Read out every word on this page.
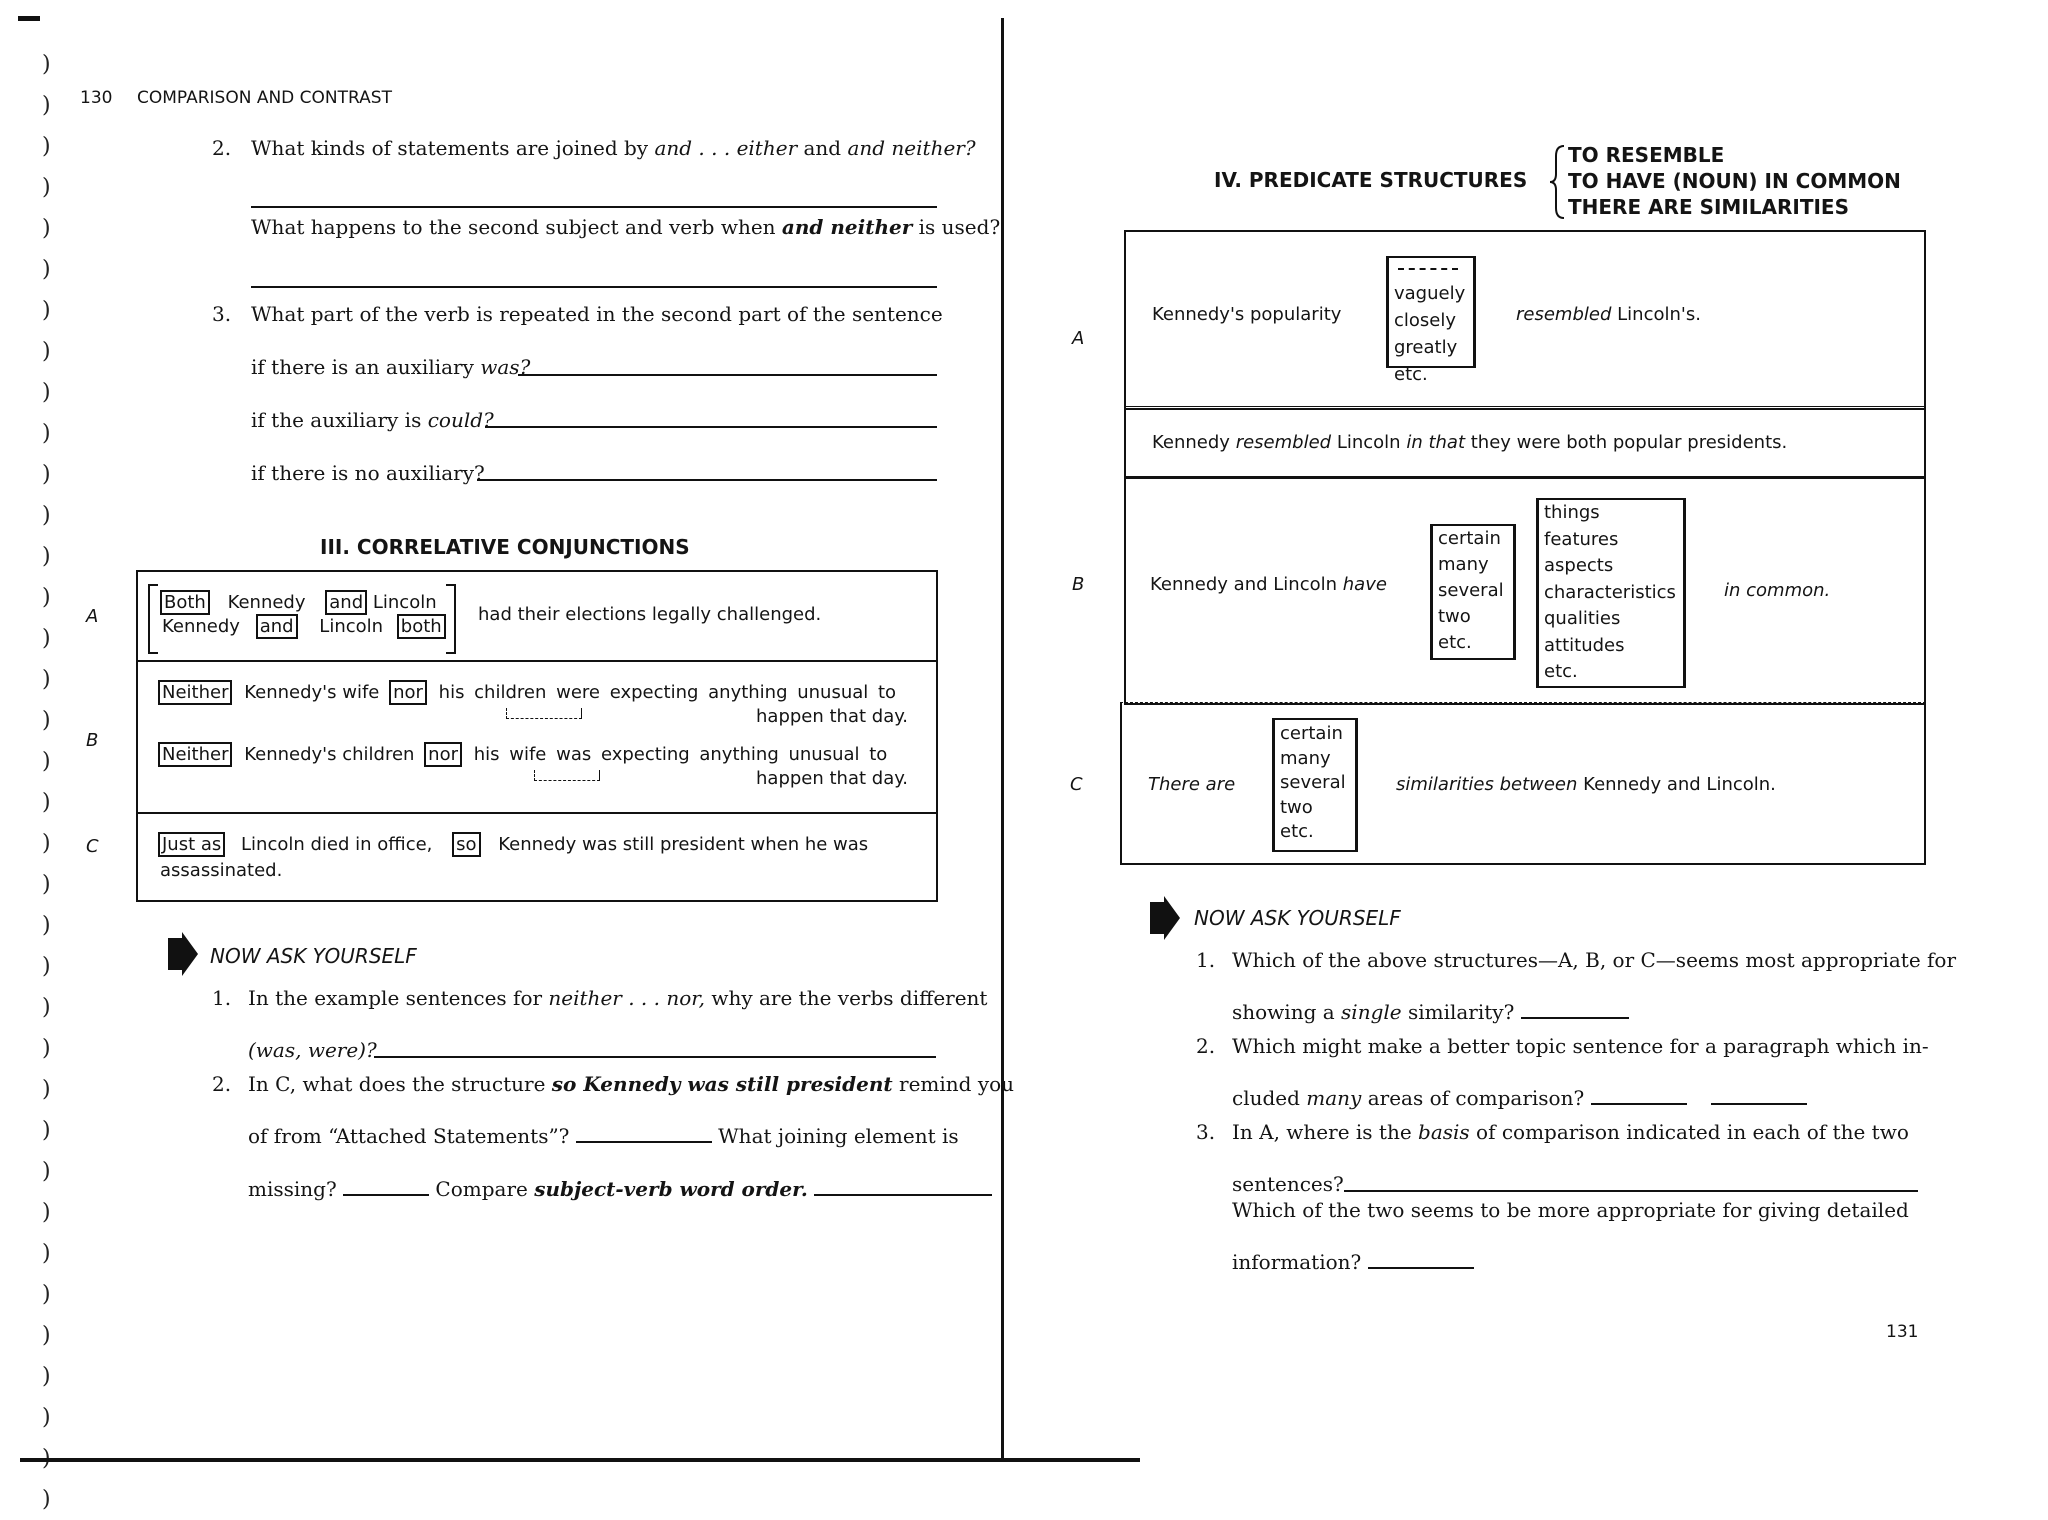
)
)
)
)
)
)
)
)
)
)
)
)
)
)
)
)
)
)
)
)
)
)
)
)
)
)
)
)
)
)
)
)
)
)

)
130 COMPARISON AND CONTRAST
2. What kinds of statements are joined by and . . . either and and neither?
What happens to the second subject and verb when and neither is used?
3. What part of the verb is repeated in the second part of the sentence
if there is an auxiliary was?
if the auxiliary is could?
if there is no auxiliary?
III. CORRELATIVE CONJUNCTIONS
A
B
C
Both Kennedy and Lincoln
Kennedy and Lincoln both
had their elections legally challenged.
Neither Kennedy's wife nor his children were expecting anything unusual to
happen that day.
Neither Kennedy's children nor his wife was expecting anything unusual to
happen that day.
Just as Lincoln died in office, so Kennedy was still president when he was
assassinated.
NOW ASK YOURSELF
1. In the example sentences for neither . . . nor, why are the verbs different
(was, were)?
2. In C, what does the structure so Kennedy was still president remind you
of from “Attached Statements”?	What joining element is
missing?	Compare subject-verb word order.
IV. PREDICATE STRUCTURES
TO RESEMBLE
TO HAVE (NOUN) IN COMMON
THERE ARE SIMILARITIES
A
B
C
Kennedy's popularity
vaguely
closely
greatly
etc.
resembled Lincoln's.
Kennedy resembled Lincoln in that they were both popular presidents.
Kennedy and Lincoln have
certain
many
several
two
etc.
things
features
aspects
characteristics
qualities
attitudes
etc.
in common.
There are
certain
many
several
two
etc.
similarities between Kennedy and Lincoln.
NOW ASK YOURSELF
1. Which of the above structures—A, B, or C—seems most appropriate for
showing a single similarity?
2. Which might make a better topic sentence for a paragraph which in-
cluded many areas of comparison?
3. In A, where is the basis of comparison indicated in each of the two
sentences?
Which of the two seems to be more appropriate for giving detailed
information?
131
